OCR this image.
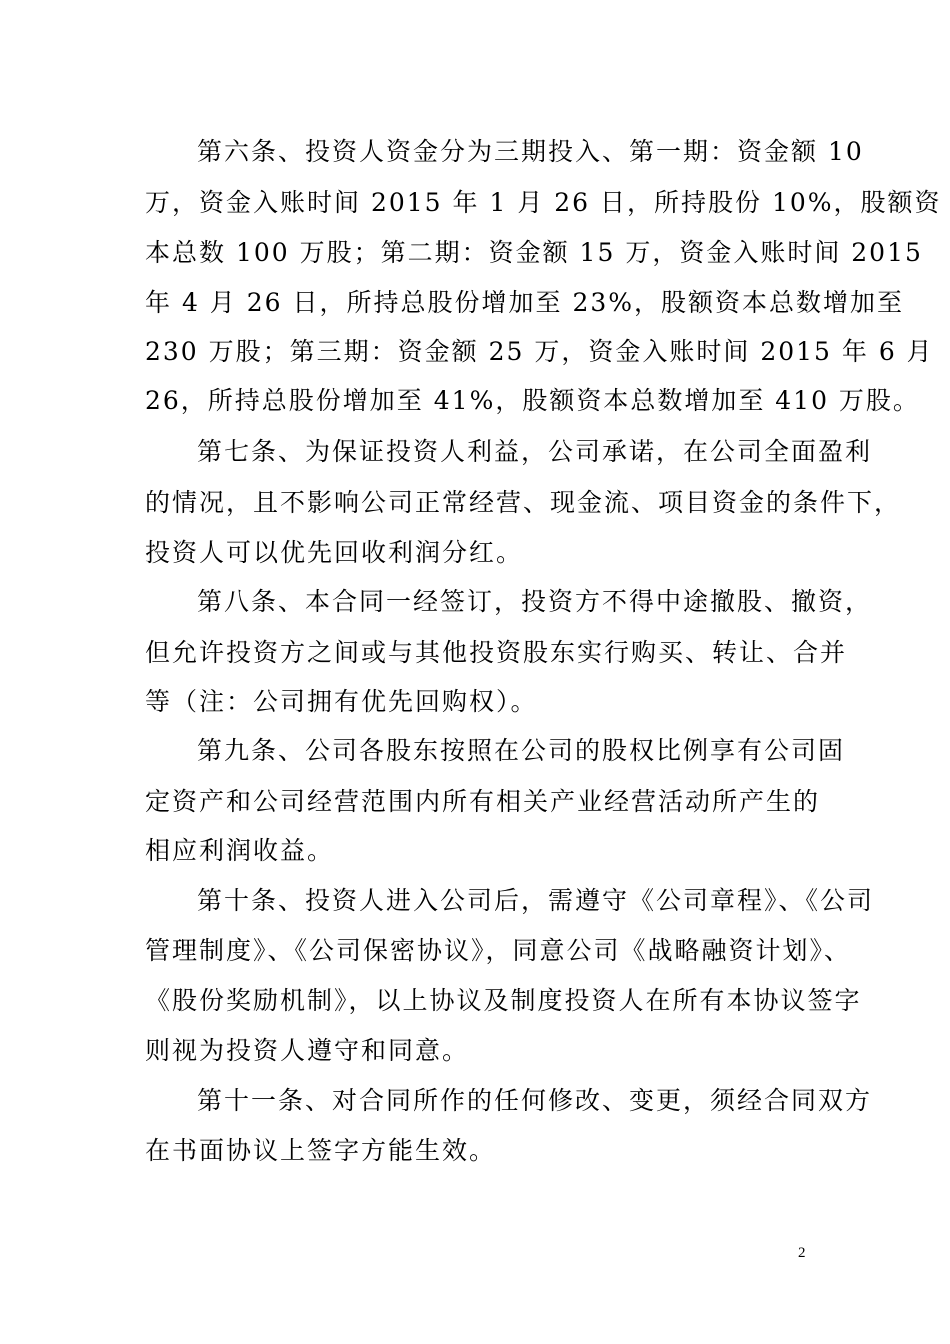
第六条、投资人资金分为三期投入、第一期：资金额 10
万，资金入账时间 2015 年 1 月 26 日，所持股份 10%，股额资
本总数 100 万股；第二期：资金额 15 万，资金入账时间 2015
年 4 月 26 日，所持总股份增加至 23%，股额资本总数增加至
230 万股；第三期：资金额 25 万，资金入账时间 2015 年 6 月
26，所持总股份增加至 41%，股额资本总数增加至 410 万股。
第七条、为保证投资人利益，公司承诺，在公司全面盈利
的情况，且不影响公司正常经营、现金流、项目资金的条件下，
投资人可以优先回收利润分红。
第八条、本合同一经签订，投资方不得中途撤股、撤资，
但允许投资方之间或与其他投资股东实行购买、转让、合并
等（注：公司拥有优先回购权）。
第九条、公司各股东按照在公司的股权比例享有公司固
定资产和公司经营范围内所有相关产业经营活动所产生的
相应利润收益。
第十条、投资人进入公司后，需遵守《公司章程》、《公司
管理制度》、《公司保密协议》，同意公司《战略融资计划》、
《股份奖励机制》，以上协议及制度投资人在所有本协议签字
则视为投资人遵守和同意。
第十一条、对合同所作的任何修改、变更，须经合同双方
在书面协议上签字方能生效。
2
